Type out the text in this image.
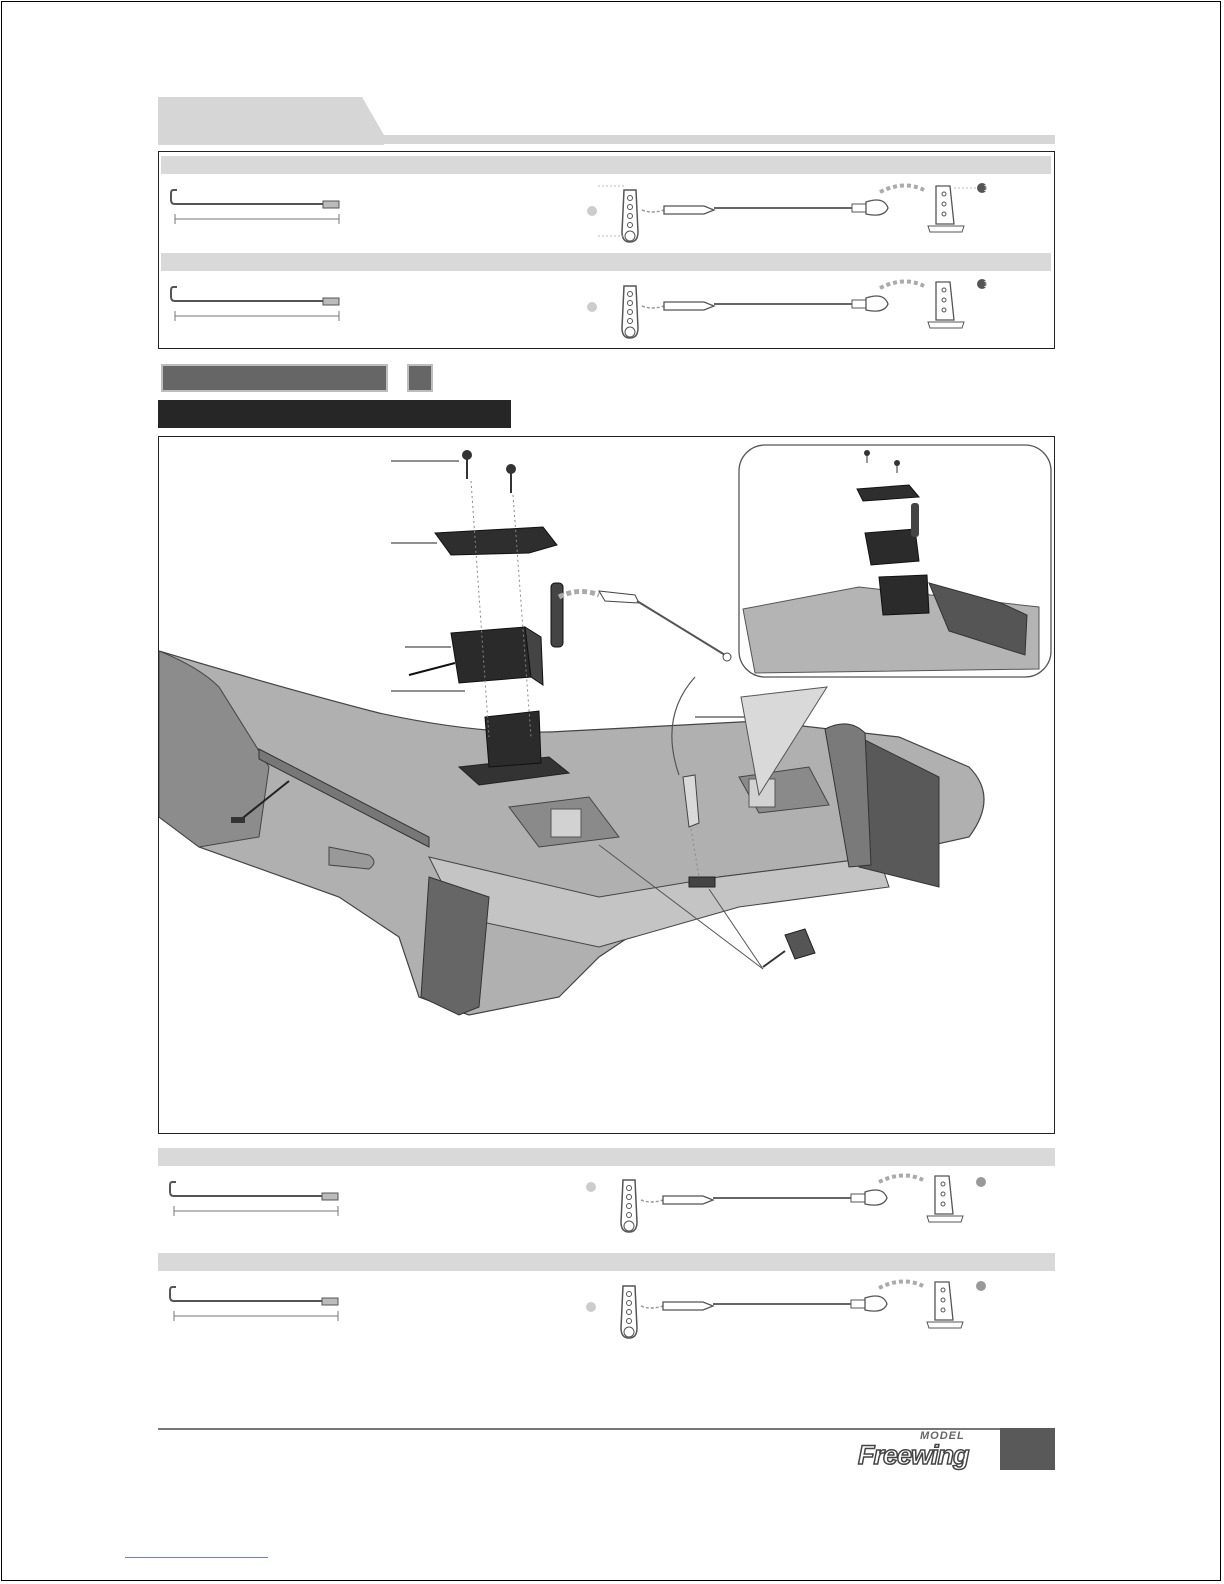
1
1
MODEL
Freewing
